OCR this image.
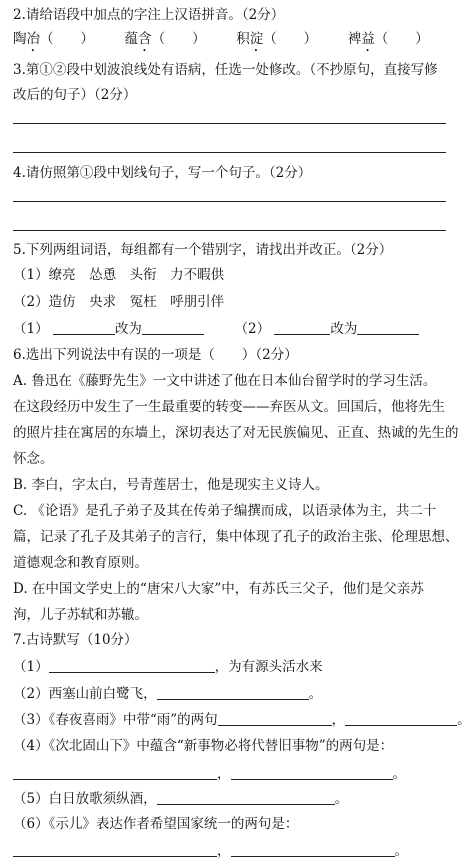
2.请给语段中加点的字注上汉语拼音。（2分）
陶冶（　　） 蕴含（　　） 积淀（　　） 裨益（　　）
3.第①②段中划波浪线处有语病，任选一处修改。（不抄原句，直接写修
改后的句子）（2分）
4.请仿照第①段中划线句子，写一个句子。（2分）
5.下列两组词语，每组都有一个错别字，请找出并改正。（2分）
（1）缭亮　怂恿　头衔　力不暇供
（2）造仿　央求　冤枉　呼朋引伴
（1）	改为	（2）	改为
6.选出下列说法中有误的一项是（　　）（2分）
A. 鲁迅在《藤野先生》一文中讲述了他在日本仙台留学时的学习生活。
在这段经历中发生了一生最重要的转变——弃医从文。回国后，他将先生
的照片挂在寓居的东墙上，深切表达了对无民族偏见、正直、热诚的先生的
怀念。
B. 李白，字太白，号青莲居士，他是现实主义诗人。
C. 《论语》是孔子弟子及其在传弟子编撰而成，以语录体为主，共二十
篇，记录了孔子及其弟子的言行，集中体现了孔子的政治主张、伦理思想、
道德观念和教育原则。
D. 在中国文学史上的“唐宋八大家”中，有苏氏三父子，他们是父亲苏
洵，儿子苏轼和苏辙。
7.古诗默写（10分）
（1）	，为有源头活水来
（2）西塞山前白鹭飞，	。
（3）《春夜喜雨》中带“雨”的两句	，	。
（4）《次北固山下》中蕴含“新事物必将代替旧事物”的两句是：
，	。
（5）白日放歌须纵酒，	。
（6）《示儿》表达作者希望国家统一的两句是：
，	。
